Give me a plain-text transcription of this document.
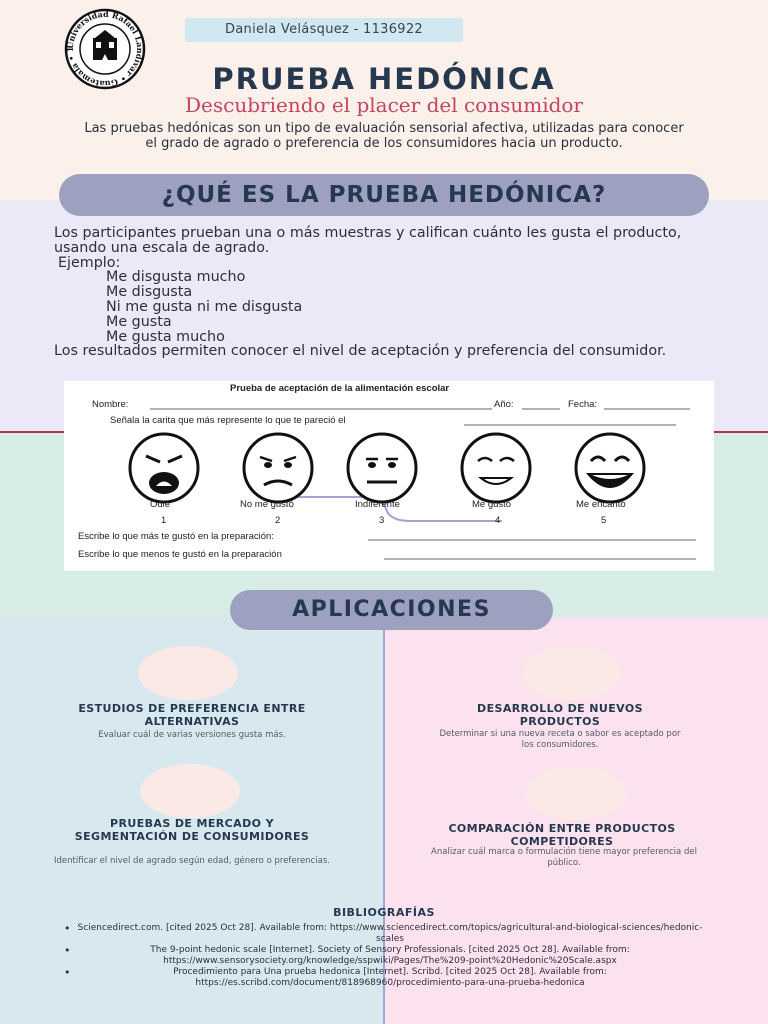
Universidad Rafael Landívar • Guatemala • 1
Daniela Velásquez - 1136922
PRUEBA HEDÓNICA
Descubriendo el placer del consumidor
Las pruebas hedónicas son un tipo de evaluación sensorial afectiva, utilizadas para conocer el grado de agrado o preferencia de los consumidores hacia un producto.
¿QUÉ ES LA PRUEBA HEDÓNICA?
Los participantes prueban una o más muestras y califican cuánto les gusta el producto, usando una escala de agrado.
Ejemplo:
Me disgusta mucho
Me disgusta
Ni me gusta ni me disgusta
Me gusta
Me gusta mucho
Los resultados permiten conocer el nivel de aceptación y preferencia del consumidor.
Prueba de aceptación de la alimentación escolar
Nombre:	Año:	Fecha:
Señala la carita que más represente lo que te pareció el
Odié	No me gustó	Indiferente	Me gustó	Me encantó
1	2	3	4	5
Escribe lo que más te gustó en la preparación:
Escribe lo que menos te gustó en la preparación
APLICACIONES
ESTUDIOS DE PREFERENCIA ENTRE ALTERNATIVAS
Evaluar cuál de varias versiones gusta más.
DESARROLLO DE NUEVOS PRODUCTOS
Determinar si una nueva receta o sabor es aceptado por los consumidores.
PRUEBAS DE MERCADO Y SEGMENTACIÓN DE CONSUMIDORES
Identificar el nivel de agrado según edad, género o preferencias.
COMPARACIÓN ENTRE PRODUCTOS COMPETIDORES
Analizar cuál marca o formulación tiene mayor preferencia del público.
BIBLIOGRAFÍAS
• Sciencedirect.com. [cited 2025 Oct 28]. Available from: https://www.sciencedirect.com/topics/agricultural-and-biological-sciences/hedonic-scales
• The 9-point hedonic scale [Internet]. Society of Sensory Professionals. [cited 2025 Oct 28]. Available from: https://www.sensorysociety.org/knowledge/sspwiki/Pages/The%209-point%20Hedonic%20Scale.aspx
• Procedimiento para Una prueba hedonica [Internet]. Scribd. [cited 2025 Oct 28]. Available from: https://es.scribd.com/document/818968960/procedimiento-para-una-prueba-hedonica
